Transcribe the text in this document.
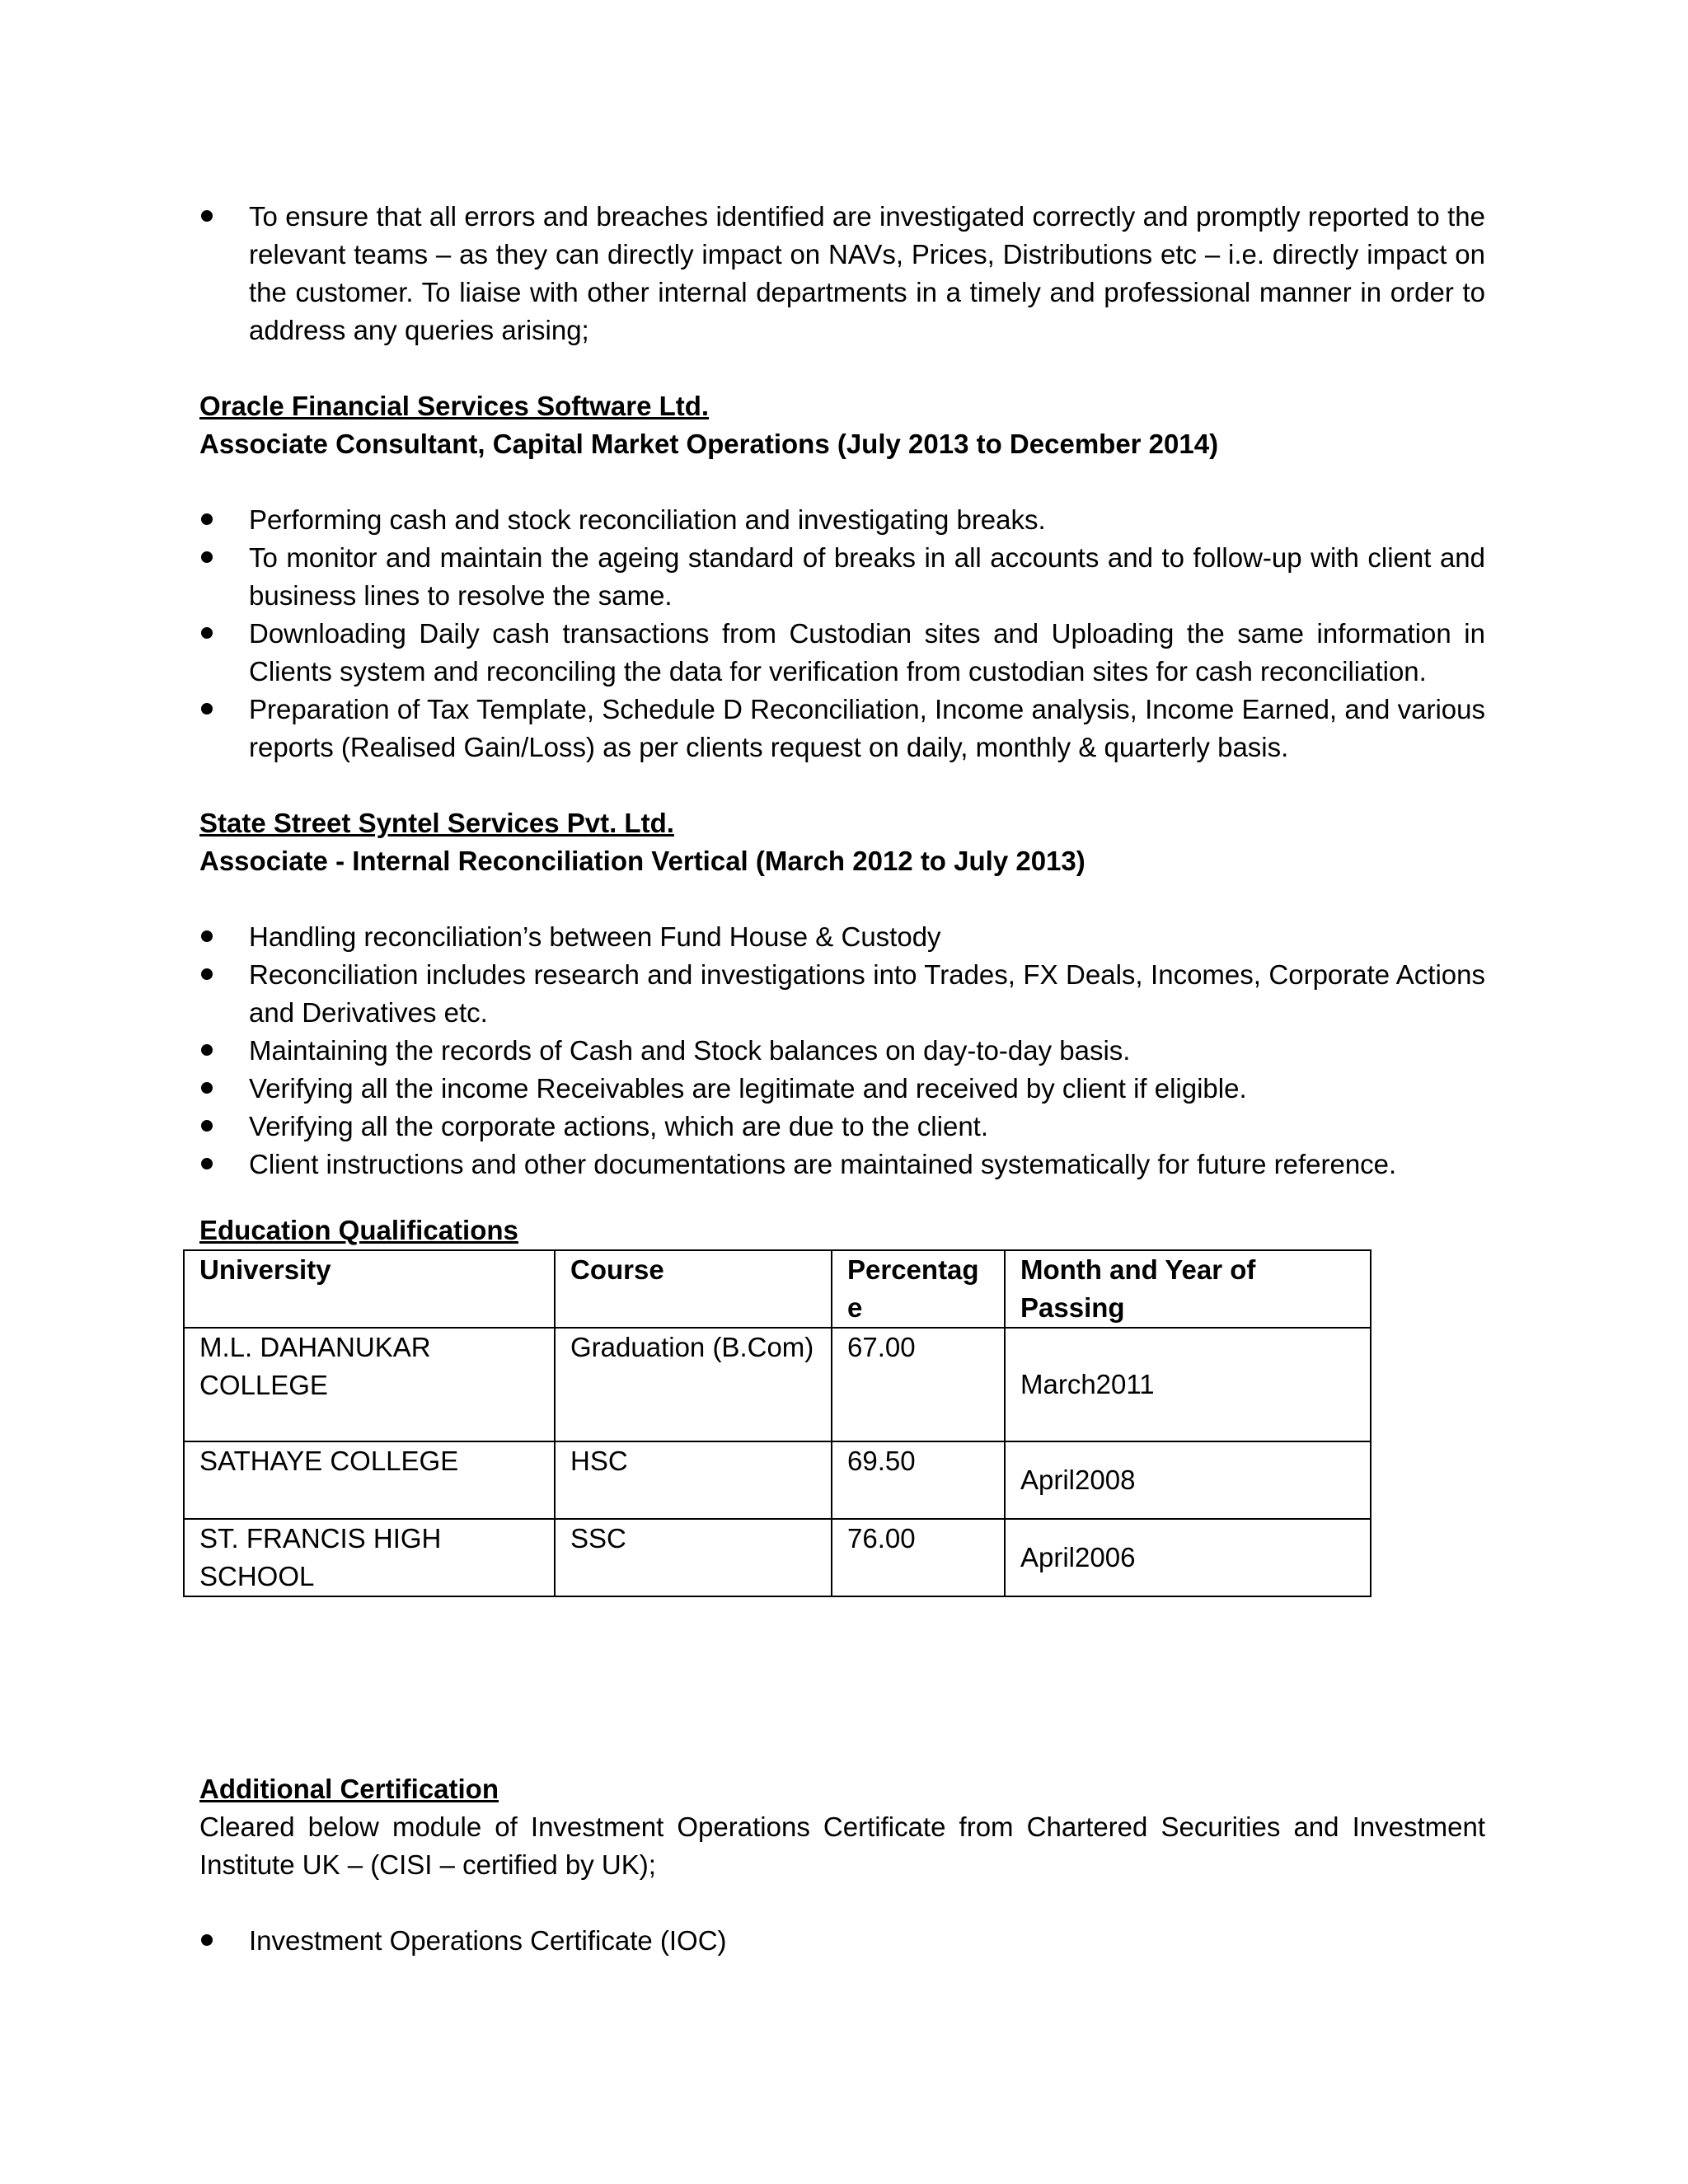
To ensure that all errors and breaches identified are investigated correctly and promptly reported to the relevant teams – as they can directly impact on NAVs, Prices, Distributions etc – i.e. directly impact on the customer. To liaise with other internal departments in a timely and professional manner in order to address any queries arising;
Oracle Financial Services Software Ltd.
Associate Consultant, Capital Market Operations (July 2013 to December 2014)
Performing cash and stock reconciliation and investigating breaks.
To monitor and maintain the ageing standard of breaks in all accounts and to follow-up with client and business lines to resolve the same.
Downloading Daily cash transactions from Custodian sites and Uploading the same information in Clients system and reconciling the data for verification from custodian sites for cash reconciliation.
Preparation of Tax Template, Schedule D Reconciliation, Income analysis, Income Earned, and various reports (Realised Gain/Loss) as per clients request on daily, monthly & quarterly basis.
State Street Syntel Services Pvt. Ltd.
Associate - Internal Reconciliation Vertical (March 2012 to July 2013)
Handling reconciliation’s between Fund House & Custody
Reconciliation includes research and investigations into Trades, FX Deals, Incomes, Corporate Actions and Derivatives etc.
Maintaining the records of Cash and Stock balances on day-to-day basis.
Verifying all the income Receivables are legitimate and received by client if eligible.
Verifying all the corporate actions, which are due to the client.
Client instructions and other documentations are maintained systematically for future reference.
Education Qualifications
University	Course	Percentag e	Month and Year of Passing
M.L. DAHANUKAR COLLEGE	Graduation (B.Com)	67.00	March2011
SATHAYE COLLEGE	HSC	69.50	April2008
ST. FRANCIS HIGH SCHOOL	SSC	76.00	April2006
Additional Certification
Cleared below module of Investment Operations Certificate from Chartered Securities and Investment Institute UK – (CISI – certified by UK);
Investment Operations Certificate (IOC)
